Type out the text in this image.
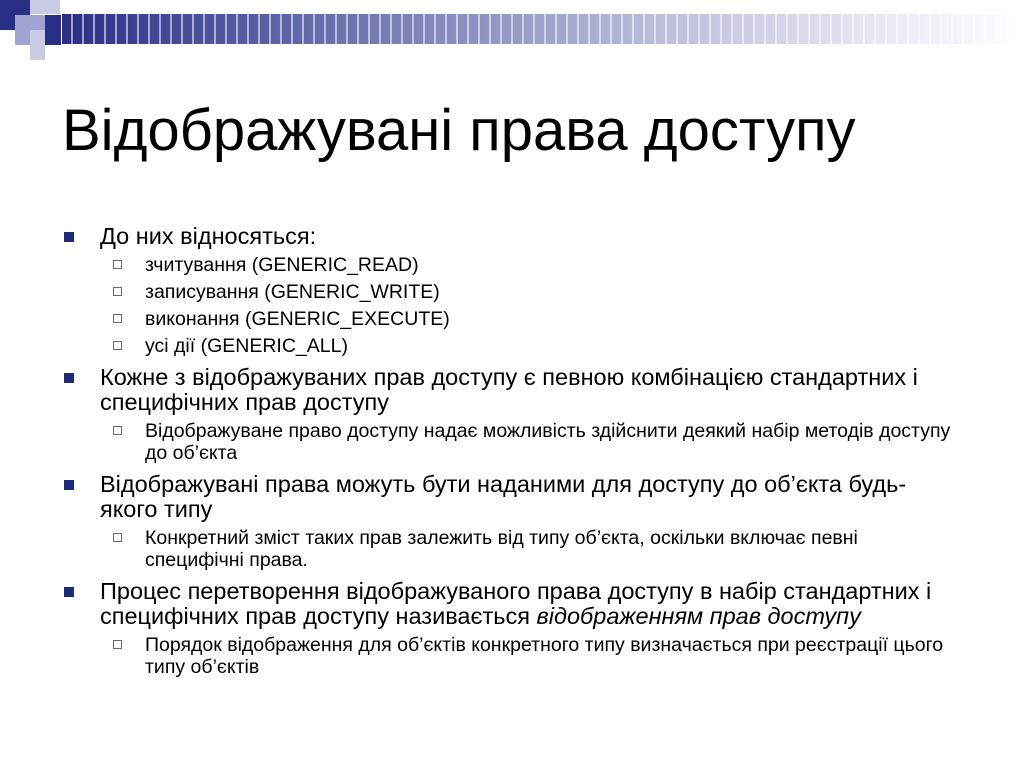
Відображувані права доступу
До них відносяться:
зчитування (GENERIC_READ)
записування (GENERIC_WRITE)
виконання (GENERIC_EXECUTE)
усі дії (GENERIC_ALL)
Кожне з відображуваних прав доступу є певною комбінацією стандартних і специфічних прав доступу
Відображуване право доступу надає можливість здійснити деякий набір методів доступу до об’єкта
Відображувані права можуть бути наданими для доступу до об’єкта будь-якого типу
Конкретний зміст таких прав залежить від типу об’єкта, оскільки включає певні специфічні права.
Процес перетворення відображуваного права доступу в набір стандартних і специфічних прав доступу називається відображенням прав доступу
Порядок відображення для об’єктів конкретного типу визначається при реєстрації цього типу об’єктів
